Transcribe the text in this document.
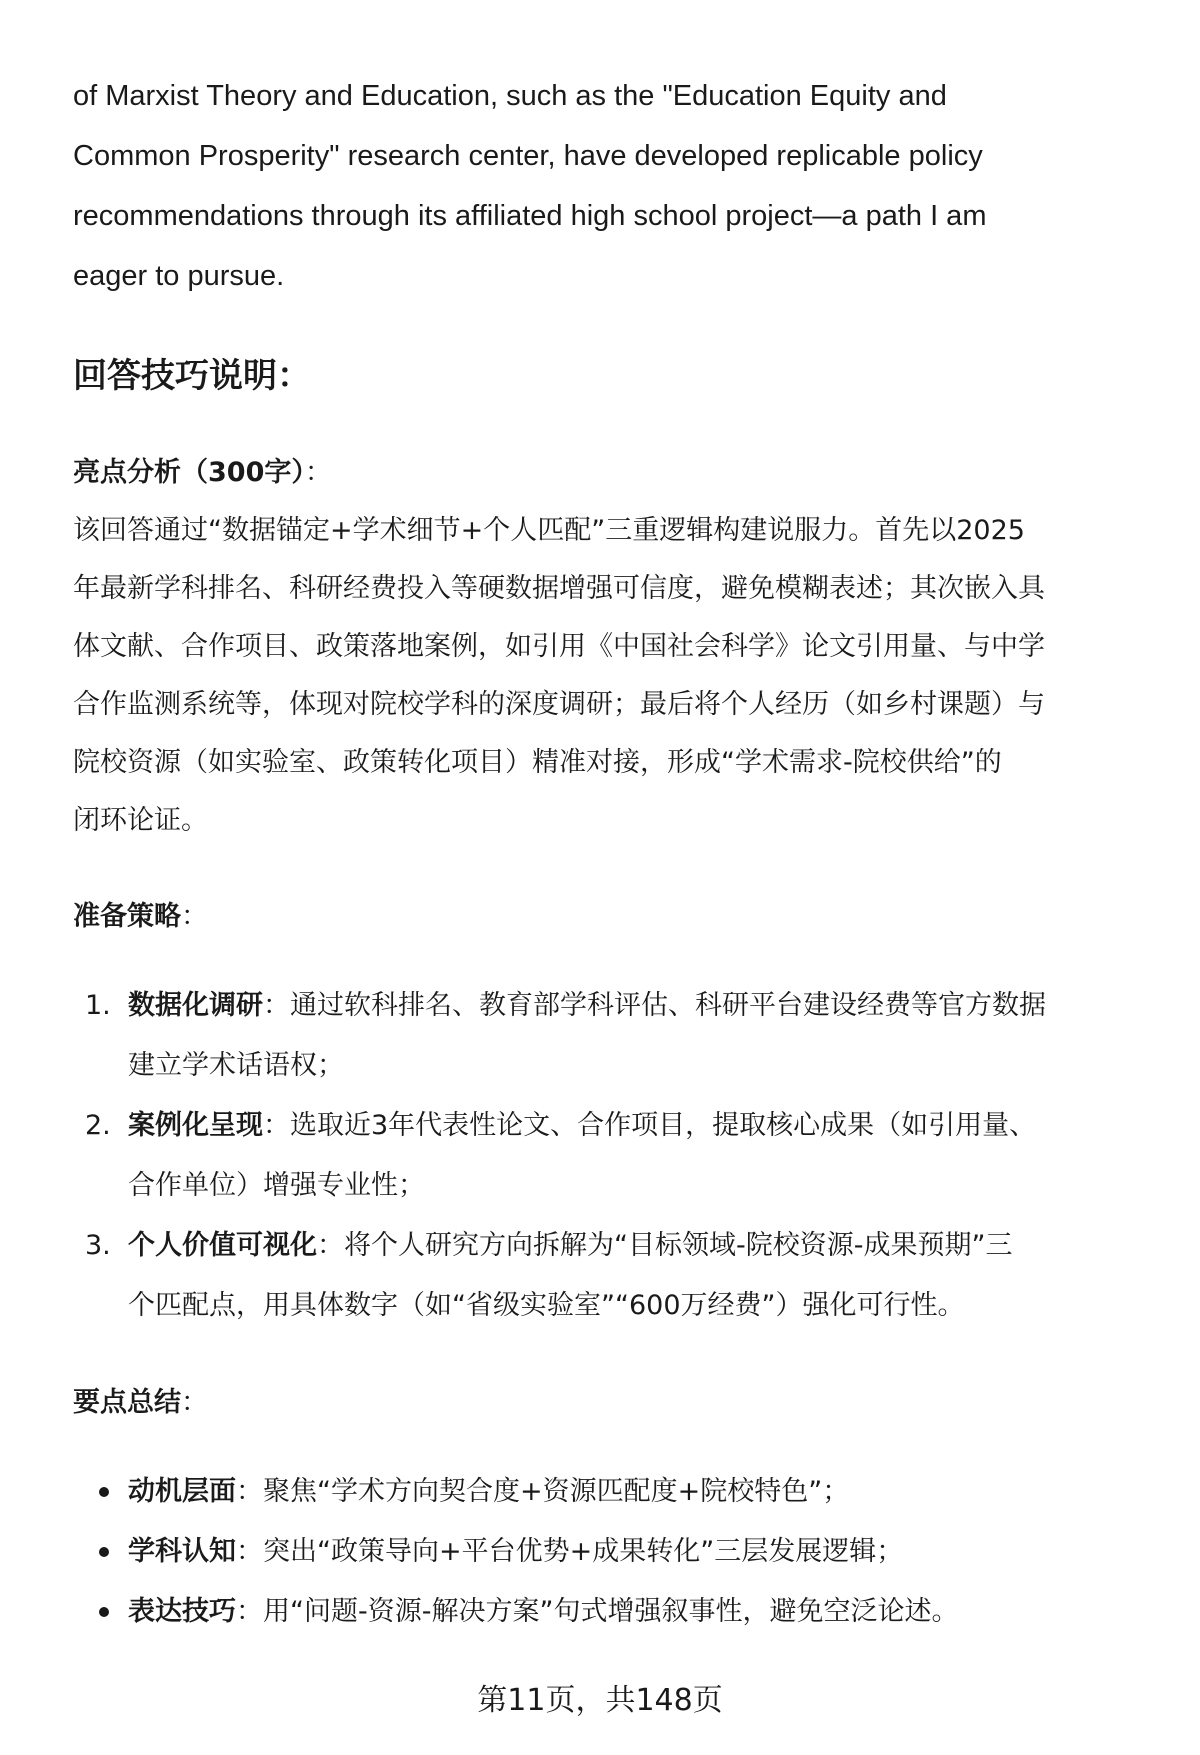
of Marxist Theory and Education, such as the "Education Equity and
Common Prosperity" research center, have developed replicable policy
recommendations through its affiliated high school project—a path I am
eager to pursue.

回答技巧说明：
亮点分析（300字）：

该回答通过“数据锚定+学术细节+个人匹配”三重逻辑构建说服力。首先以2025
年最新学科排名、科研经费投入等硬数据增强可信度，避免模糊表述；其次嵌入具
体文献、合作项目、政策落地案例，如引用《中国社会科学》论文引用量、与中学
合作监测系统等，体现对院校学科的深度调研；最后将个人经历（如乡村课题）与
院校资源（如实验室、政策转化项目）精准对接，形成“学术需求-院校供给”的
闭环论证。

准备策略：
1. 数据化调研：通过软科排名、教育部学科评估、科研平台建设经费等官方数据
建立学术话语权；
2. 案例化呈现：选取近3年代表性论文、合作项目，提取核心成果（如引用量、
合作单位）增强专业性；
3. 个人价值可视化：将个人研究方向拆解为“目标领域-院校资源-成果预期”三
个匹配点，用具体数字（如“省级实验室”“600万经费”）强化可行性。
要点总结：
动机层面：聚焦“学术方向契合度+资源匹配度+院校特色”；
学科认知：突出“政策导向+平台优势+成果转化”三层发展逻辑；
表达技巧：用“问题-资源-解决方案”句式增强叙事性，避免空泛论述。
第11页，共148页
